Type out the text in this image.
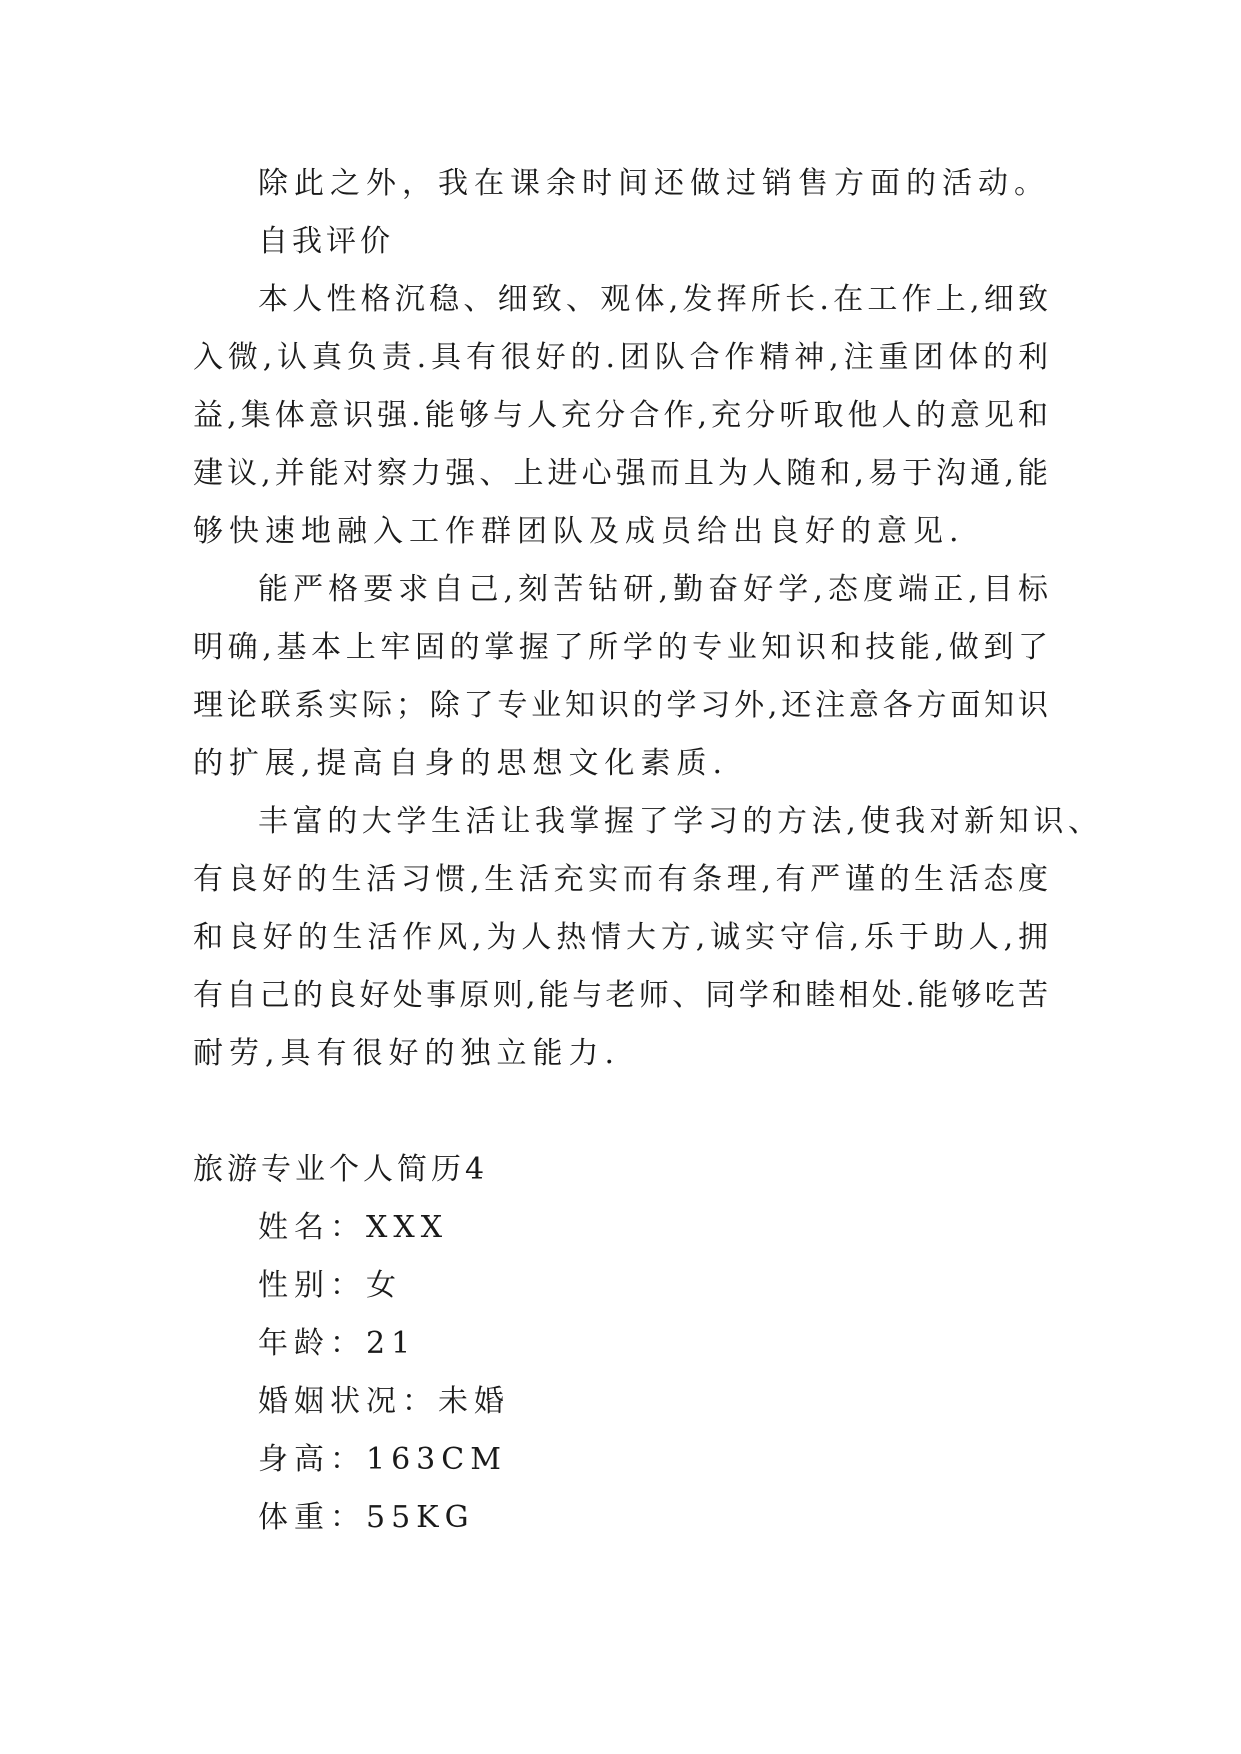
除此之外，我在课余时间还做过销售方面的活动。
自我评价
本人性格沉稳、细致、观体,发挥所长.在工作上,细致
入微,认真负责.具有很好的.团队合作精神,注重团体的利
益,集体意识强.能够与人充分合作,充分听取他人的意见和
建议,并能对察力强、上进心强而且为人随和,易于沟通,能
够快速地融入工作群团队及成员给出良好的意见.
能严格要求自己,刻苦钻研,勤奋好学,态度端正,目标
明确,基本上牢固的掌握了所学的专业知识和技能,做到了
理论联系实际；除了专业知识的学习外,还注意各方面知识
的扩展,提高自身的思想文化素质.
丰富的大学生活让我掌握了学习的方法,使我对新知识、
有良好的生活习惯,生活充实而有条理,有严谨的生活态度
和良好的生活作风,为人热情大方,诚实守信,乐于助人,拥
有自己的良好处事原则,能与老师、同学和睦相处.能够吃苦
耐劳,具有很好的独立能力.
旅游专业个人简历4
姓名：XXX
性别：女
年龄：21
婚姻状况：未婚
身高：163CM
体重：55KG
